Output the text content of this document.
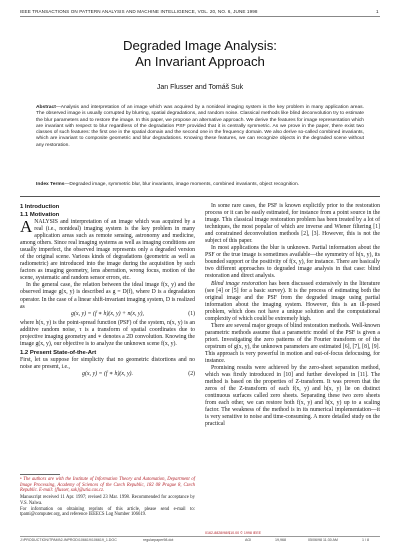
IEEE TRANSACTIONS ON PATTERN ANALYSIS AND MACHINE INTELLIGENCE, VOL. 20, NO. 6, JUNE 1998	1
Degraded Image Analysis:
An Invariant Approach
Jan Flusser and Tomáš Suk
Abstract—Analysis and interpretation of an image which was acquired by a nonideal imaging system is the key problem in many application areas. The observed image is usually corrupted by blurring, spatial degradations, and random noise. Classical methods like blind deconvolution try to estimate the blur parameters and to restore the image. In this paper, we propose an alternative approach. We derive the features for image representation which are invariant with respect to blur regardless of the degradation PSF provided that it is centrally symmetric. As we prove in the paper, there exist two classes of such features: the first one in the spatial domain and the second one in the frequency domain. We also derive so-called combined invariants, which are invariant to composite geometric and blur degradations. Knowing these features, we can recognize objects in the degraded scene without any restoration.
Index Terms—Degraded image, symmetric blur, blur invariants, image moments, combined invariants, object recognition.
1 Introduction
1.1 Motivation

ANALYSIS and interpretation of an image which was acquired by a real (i.e., nonideal) imaging system is the key problem in many application areas such as remote sensing, astronomy and medicine, among others. Since real imaging systems as well as imaging conditions are usually imperfect, the observed image represents only a degraded version of the original scene. Various kinds of degradations (geometric as well as radiometric) are introduced into the image during the acquisition by such factors as imaging geometry, lens aberration, wrong focus, motion of the scene, systematic and random sensor errors, etc.

In the general case, the relation between the ideal image f(x, y) and the observed image g(x, y) is described as g = D(f), where D is a degradation operator. In the case of a linear shift-invariant imaging system, D is realized as

g(x, y) = (f ∗ h)(x, y) + n(x, y),	(1)

where h(x, y) is the point-spread function (PSF) of the system, n(x, y) is an additive random noise, τ is a transform of spatial coordinates due to projective imaging geometry and ∗ denotes a 2D convolution. Knowing the image g(x, y), our objective is to analyze the unknown scene f(x, y).

1.2 Present State-of-the-Art

First, let us suppose for simplicity that no geometric distortions and no noise are present, i.e.,

g(x, y) = (f ∗ h)(x, y).	(2)
• The authors are with the Institute of Information Theory and Automation, Department of Image Processing, Academy of Sciences of the Czech Republic, 182 08 Prague 8, Czech Republic. E-mail: {flusser, suk}@utia.cas.cz.
Manuscript received 11 Apr. 1997; revised 23 Mar. 1998. Recommended for acceptance by V.S. Nalwa.
For information on obtaining reprints of this article, please send e-mail to: tpami@computer.org, and reference IEEECS Log Number 106619.

In some rare cases, the PSF is known explicitly prior to the restoration process or it can be easily estimated, for instance from a point source in the image. This classical image restoration problem has been treated by a lot of techniques, the most popular of which are inverse and Wiener filtering [1] and constrained deconvolution methods [2], [3]. However, this is not the subject of this paper.

In most applications the blur is unknown. Partial information about the PSF or the true image is sometimes available—the symmetry of h(x, y), its bounded support or the positivity of f(x, y), for instance. There are basically two different approaches to degraded image analysis in that case: blind restoration and direct analysis.

Blind image restoration has been discussed extensively in the literature (see [4] or [5] for a basic survey). It is the process of estimating both the original image and the PSF from the degraded image using partial information about the imaging system. However, this is an ill-posed problem, which does not have a unique solution and the computational complexity of which could be extremely high.

There are several major groups of blind restoration methods. Well-known parametric methods assume that a parametric model of the PSF is given a priori. Investigating the zero patterns of the Fourier transform or of the cepstrum of g(x, y), the unknown parameters are estimated [6], [7], [8], [9]. This approach is very powerful in motion and out-of-focus defocusing, for instance.

Promising results were achieved by the zero-sheet separation method, which was firstly introduced in [10] and further developed in [11]. The method is based on the properties of Z-transform. It was proven that the zeros of the Z-transform of each f(x, y) and h(x, y) lie on distinct continuous surfaces called zero sheets. Separating these two zero sheets from each other, we can restore both f(x, y) and h(x, y) up to a scaling factor. The weakness of the method is in its numerical implementation—it is very sensitive to noise and time-consuming. A more detailed study on the practical

0162-8828/98/$10.00 © 1998 IEEE
J:\PRODUCTION\TPAMI\2-INPROD\106619\106619_1.DOC	regularpaper98.dot	AGI	19,968	05/06/98 11:30 AM	1 / 8
